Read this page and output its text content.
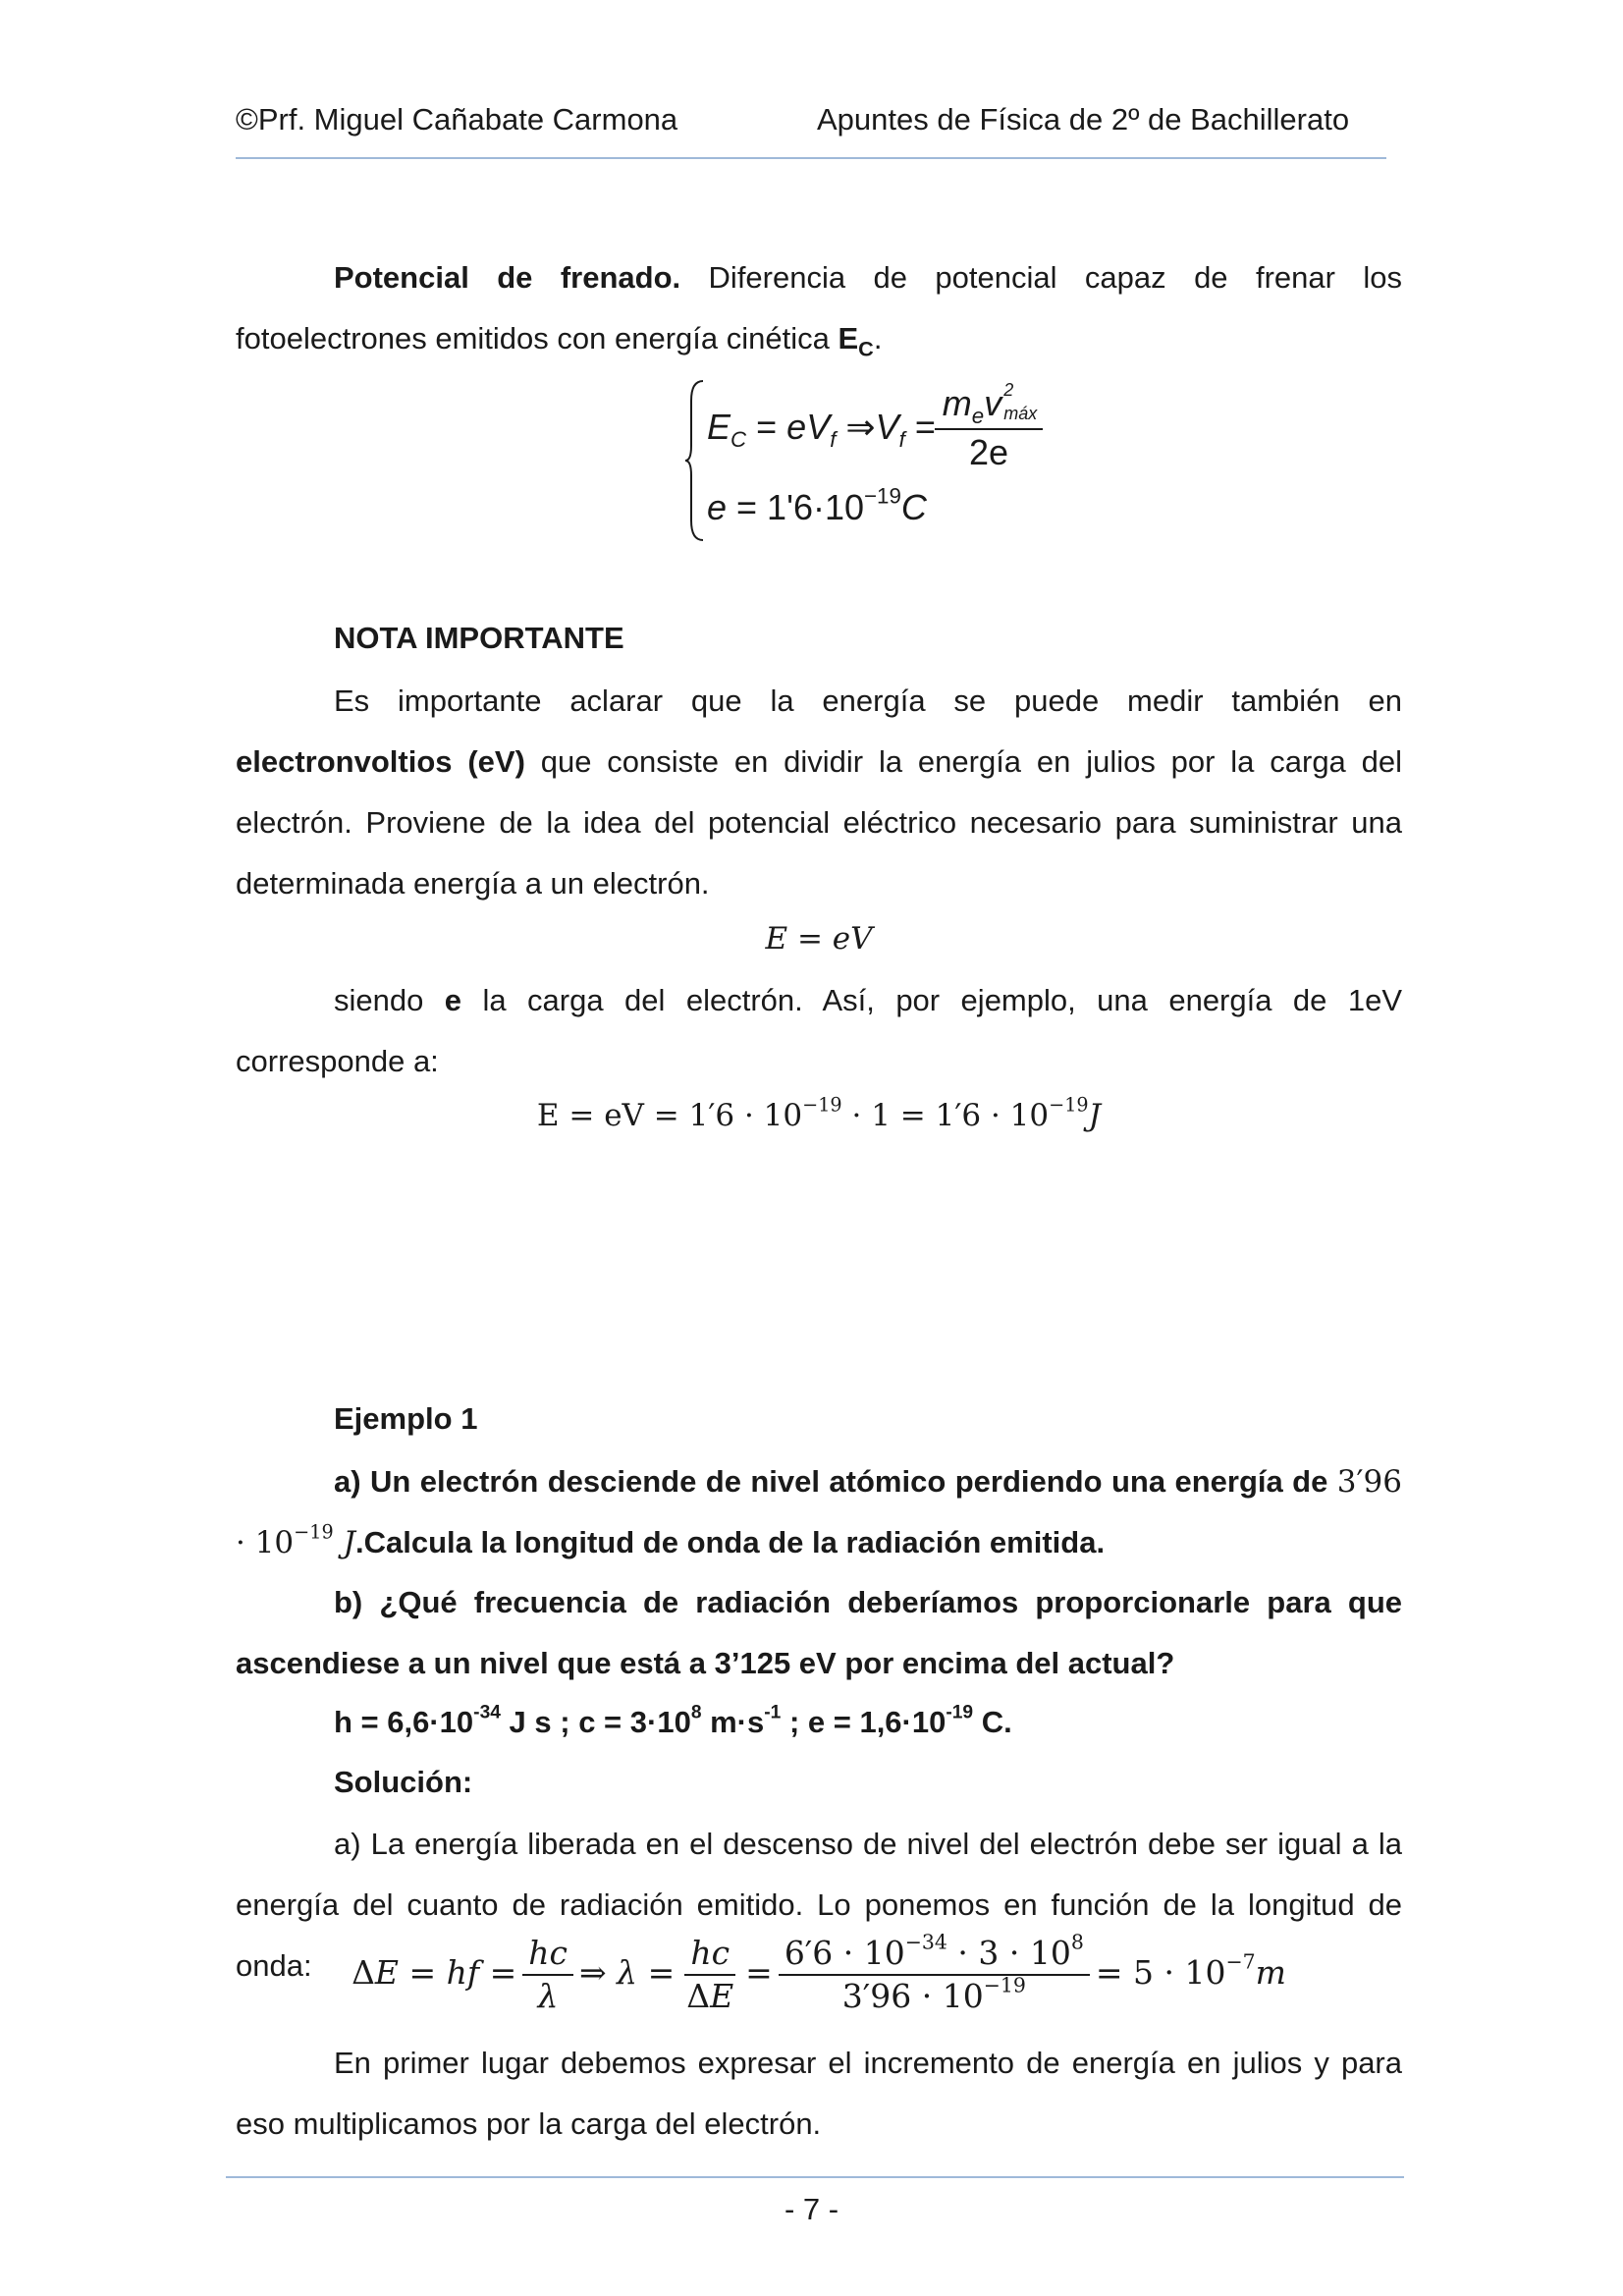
©Prf. Miguel Cañabate Carmona	Apuntes de Física de 2º de Bachillerato
Potencial de frenado. Diferencia de potencial capaz de frenar los fotoelectrones emitidos con energía cinética $E_C$.
$E_C = eV_f$ $\Rightarrow V_f$ =
$m_ev$ 2
máx
2e
$e = 1'6\cdot 10^{-19}C$
NOTA IMPORTANTE
Es importante aclarar que la energía se puede medir también en electronvoltios (eV) que consiste en dividir la energía en julios por la carga del electrón. Proviene de la idea del potencial eléctrico necesario para suministrar una determinada energía a un electrón.
E = eV
siendo e la carga del electrón. Así, por ejemplo, una energía de 1eV corresponde a:
E = eV = $1'6 \cdot 10^{-19} \cdot 1 = 1'6 \cdot 10^{-19}J$
Ejemplo 1
a) Un electrón desciende de nivel atómico perdiendo una energía de $3'96 \cdot 10^{-19}$ J.Calcula la longitud de onda de la radiación emitida.
b) ¿Qué frecuencia de radiación deberíamos proporcionarle para que ascendiese a un nivel que está a 3’125 eV por encima del actual?
$h = 6,6\cdot 10^{-34}$ J s ; $c = 3\cdot 10^8$ $m\cdot s^{-1}$ ; $e = 1,6\cdot 10^{-19}$ C.
Solución:
a) La energía liberada en el descenso de nivel del electrón debe ser igual a la energía del cuanto de radiación emitido. Lo ponemos en función de la longitud de onda:	ΔE = hf = $\frac{hc}{\lambda}$ ⇒ $\lambda = \frac{hc}{\Delta E} = \frac{6'6 \cdot 10^{-34} \cdot 3 \cdot 10^8}{3'96 \cdot 10^{-19}} = 5 \cdot 10^{-7}m$
En primer lugar debemos expresar el incremento de energía en julios y para eso multiplicamos por la carga del electrón.
- 7 -
